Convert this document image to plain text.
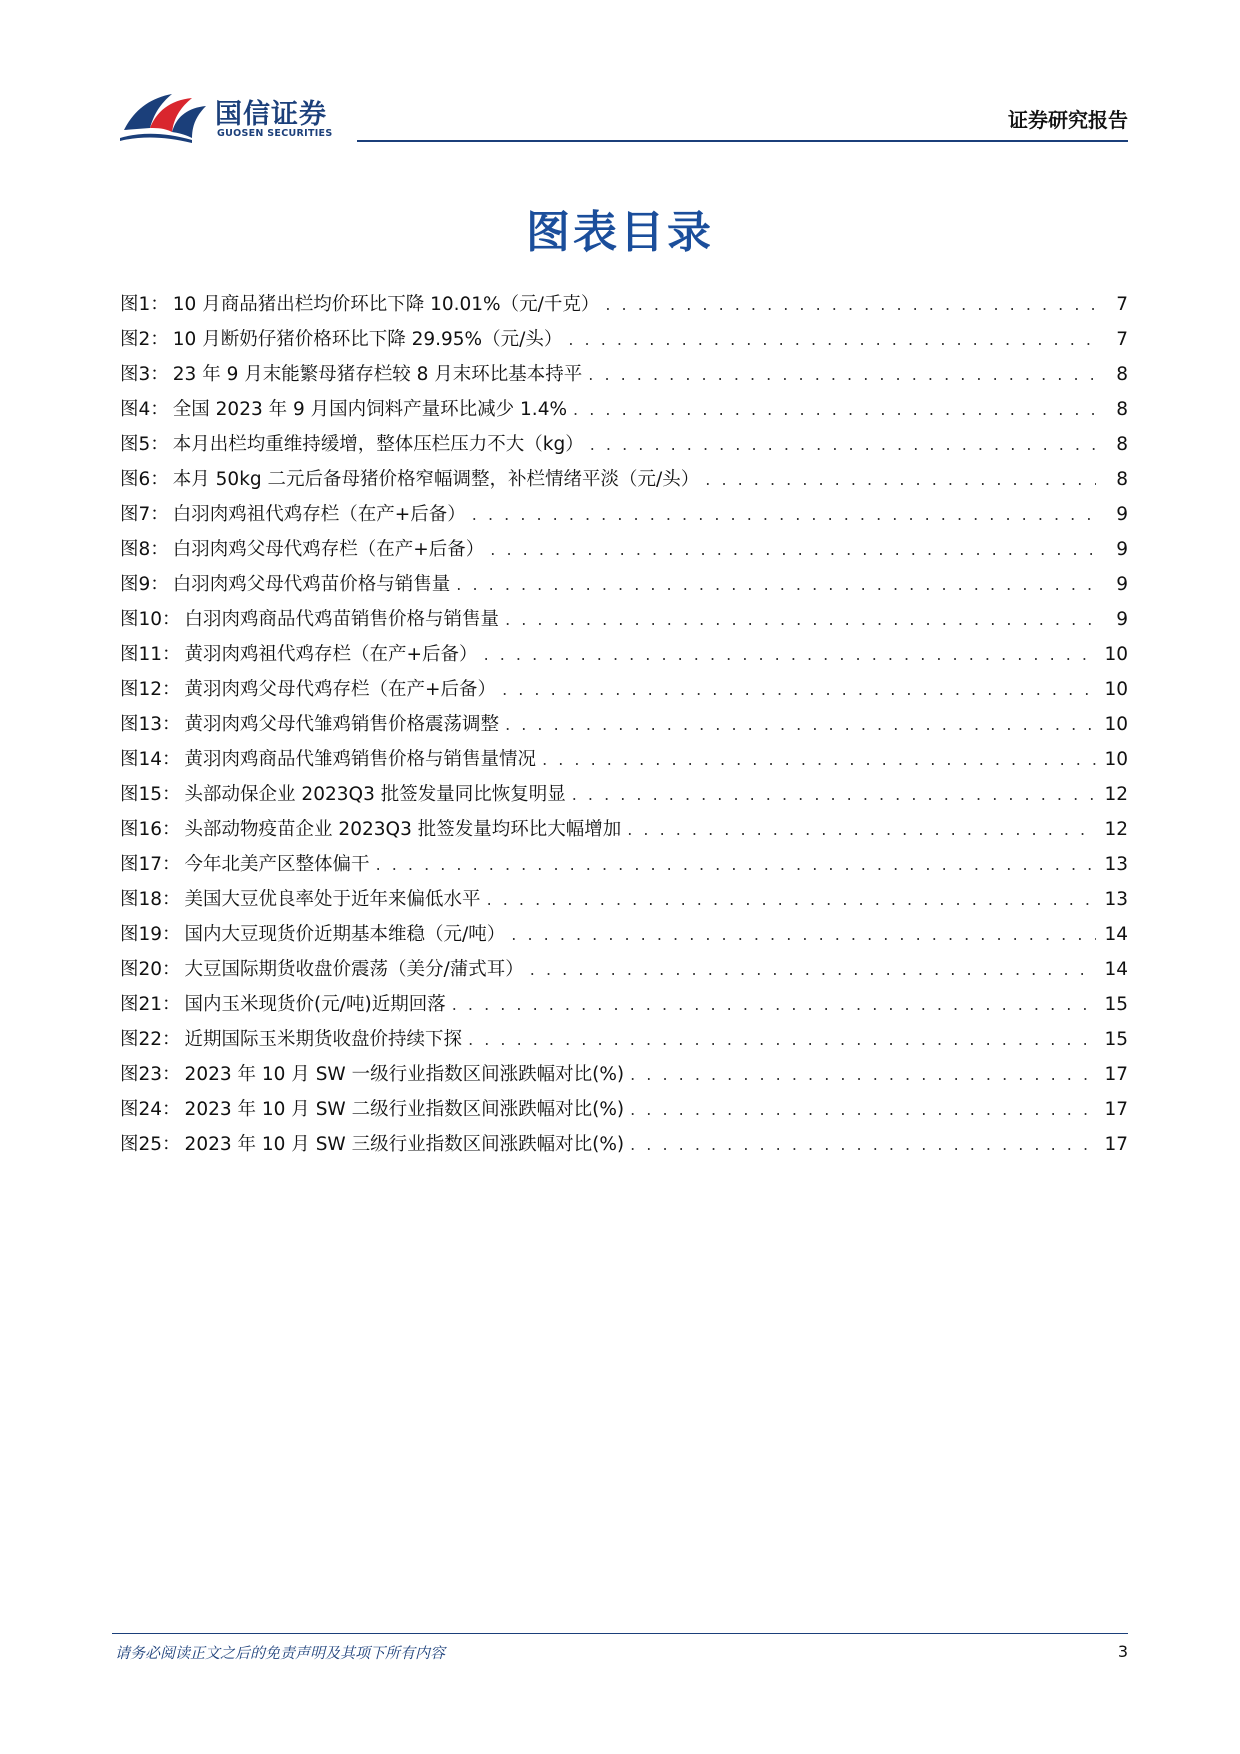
国信证券
GUOSEN SECURITIES
证券研究报告
图表目录
图1： 10 月商品猪出栏均价环比下降 10.01%（元/千克） . . .	7
图2： 10 月断奶仔猪价格环比下降 29.95%（元/头） . . .	7
图3： 23 年 9 月末能繁母猪存栏较 8 月末环比基本持平 . . .	8
图4： 全国 2023 年 9 月国内饲料产量环比减少 1.4% . . .	8
图5： 本月出栏均重维持缓增，整体压栏压力不大（kg） . . .	8
图6： 本月 50kg 二元后备母猪价格窄幅调整，补栏情绪平淡（元/头） . . .	8
图7： 白羽肉鸡祖代鸡存栏（在产+后备） . . .	9
图8： 白羽肉鸡父母代鸡存栏（在产+后备） . . .	9
图9： 白羽肉鸡父母代鸡苗价格与销售量 . . .	9
图10： 白羽肉鸡商品代鸡苗销售价格与销售量 . . .	9
图11： 黄羽肉鸡祖代鸡存栏（在产+后备） . . .	10
图12： 黄羽肉鸡父母代鸡存栏（在产+后备） . . .	10
图13： 黄羽肉鸡父母代雏鸡销售价格震荡调整 . . .	10
图14： 黄羽肉鸡商品代雏鸡销售价格与销售量情况 . . .	10
图15： 头部动保企业 2023Q3 批签发量同比恢复明显 . . .	12
图16： 头部动物疫苗企业 2023Q3 批签发量均环比大幅增加 . . .	12
图17： 今年北美产区整体偏干 . . .	13
图18： 美国大豆优良率处于近年来偏低水平 . . .	13
图19： 国内大豆现货价近期基本维稳（元/吨） . . .	14
图20： 大豆国际期货收盘价震荡（美分/蒲式耳） . . .	14
图21： 国内玉米现货价(元/吨)近期回落 . . .	15
图22： 近期国际玉米期货收盘价持续下探 . . .	15
图23： 2023 年 10 月 SW 一级行业指数区间涨跌幅对比(%) . . .	17
图24： 2023 年 10 月 SW 二级行业指数区间涨跌幅对比(%) . . .	17
图25： 2023 年 10 月 SW 三级行业指数区间涨跌幅对比(%) . . .	17
请务必阅读正文之后的免责声明及其项下所有内容	3
